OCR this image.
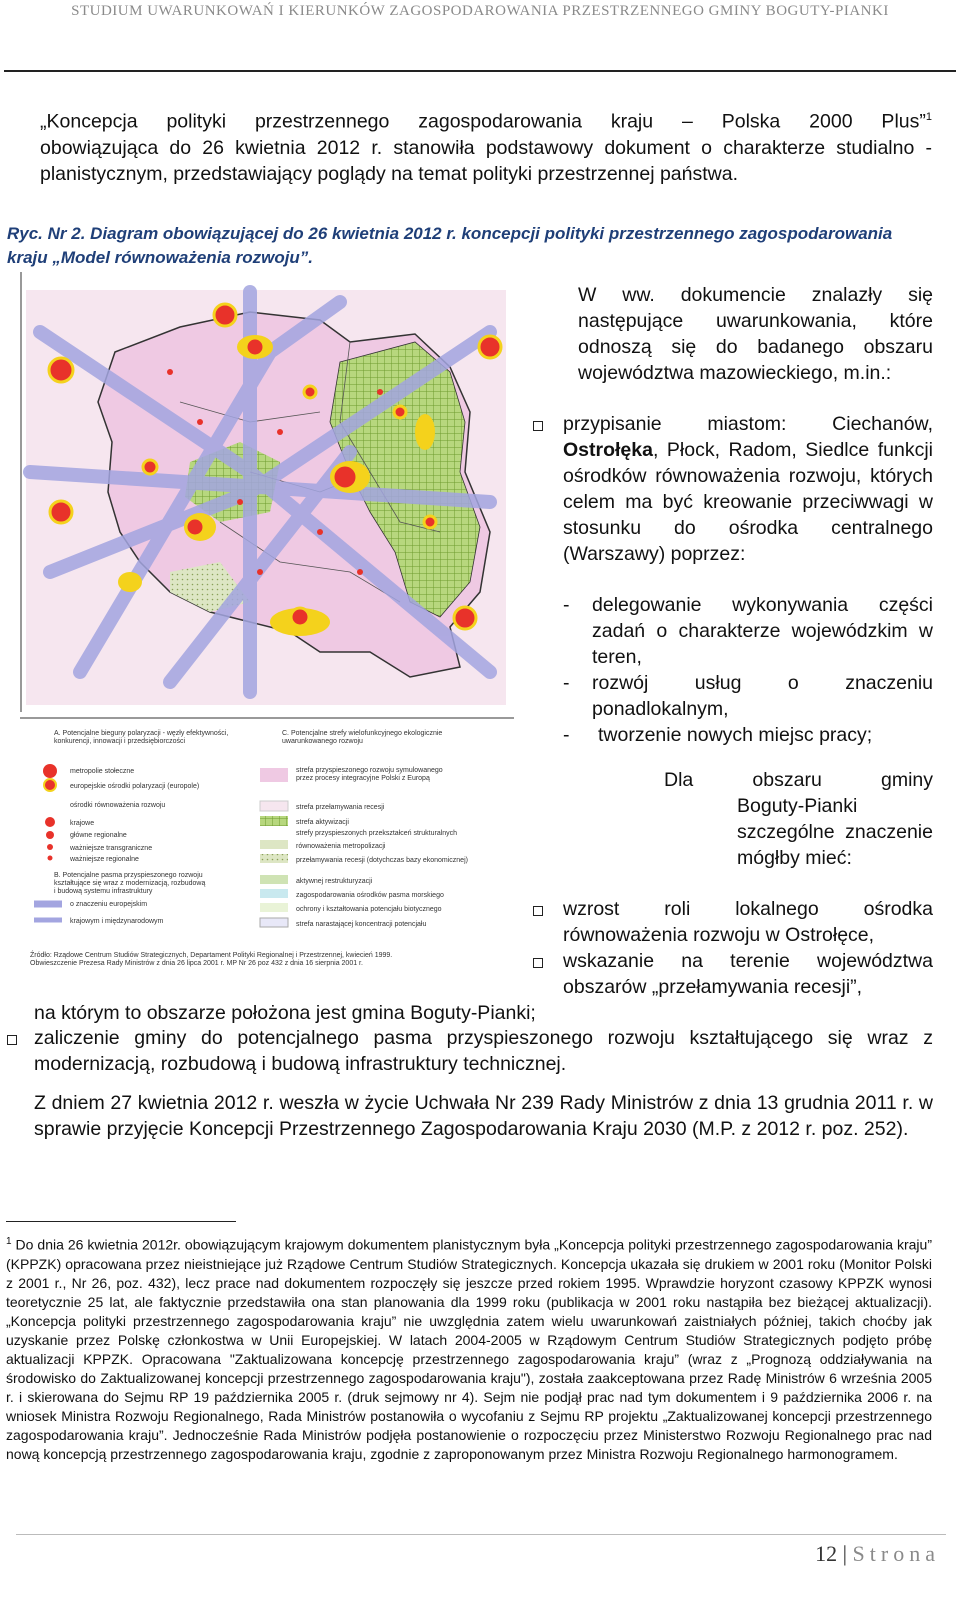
STUDIUM UWARUNKOWAŃ I KIERUNKÓW ZAGOSPODAROWANIA PRZESTRZENNEGO GMINY BOGUTY-PIANKI
„Koncepcja polityki przestrzennego zagospodarowania kraju – Polska 2000 Plus”$^1$
obowiązująca do 26 kwietnia 2012 r. stanowiła podstawowy dokument o charakterze studialno - planistycznym, przedstawiający poglądy na temat polityki przestrzennej państwa.
Ryc. Nr 2. Diagram obowiązującej do 26 kwietnia 2012 r. koncepcji polityki przestrzennego zagospodarowania kraju „Model równoważenia rozwoju”.
A. Potencjalne bieguny polaryzacji - węzły efektywności,
konkurencji, innowacji i przedsiębiorczości
metropolie stołeczne
europejskie ośrodki polaryzacji (europole)
ośrodki równoważenia rozwoju
krajowe
główne regionalne
ważniejsze transgraniczne
ważniejsze regionalne
B. Potencjalne pasma przyspieszonego rozwoju
kształtujące się wraz z modernizacją, rozbudową
i budową systemu infrastruktury
o znaczeniu europejskim
krajowym i międzynarodowym
C. Potencjalne strefy wielofunkcyjnego ekologicznie
uwarunkowanego rozwoju
strefa przyspieszonego rozwoju symulowanego
przez procesy integracyjne Polski z Europą
strefa przełamywania recesji
strefa aktywizacji
strefy przyspieszonych przekształceń strukturalnych
równoważenia metropolizacji
przełamywania recesji (dotychczas bazy ekonomicznej)
aktywnej restrukturyzacji
zagospodarowania ośrodków pasma morskiego
ochrony i kształtowania potencjału biotycznego
strefa narastającej koncentracji potencjału
Źródło: Rządowe Centrum Studiów Strategicznych, Departament Polityki Regionalnej i Przestrzennej, kwiecień 1999.
Obwieszczenie Prezesa Rady Ministrów z dnia 26 lipca 2001 r. MP Nr 26 poz 432 z dnia 16 sierpnia 2001 r.
W ww. dokumencie znalazły się następujące uwarunkowania, które odnoszą się do badanego obszaru województwa mazowieckiego, m.in.:
przypisanie miastom: Ciechanów, Ostrołęka, Płock, Radom, Siedlce funkcji ośrodków równoważenia rozwoju, których celem ma być kreowanie przeciwwagi w stosunku do ośrodka centralnego (Warszawy) poprzez:
-	delegowanie wykonywania części zadań o charakterze wojewódzkim w teren,
-	rozwój usług o znaczeniu ponadlokalnym,
-	tworzenie nowych miejsc pracy;
Dla obszaru gminy
Boguty-Pianki szczególne znaczenie mógłby mieć:
wzrost roli lokalnego ośrodka równoważenia rozwoju w Ostrołęce,
wskazanie na terenie województwa obszarów „przełamywania recesji”,
na którym to obszarze położona jest gmina Boguty-Pianki;
zaliczenie gminy do potencjalnego pasma przyspieszonego rozwoju kształtującego się wraz z modernizacją, rozbudową i budową infrastruktury technicznej.
Z dniem 27 kwietnia 2012 r. weszła w życie Uchwała Nr 239 Rady Ministrów z dnia 13 grudnia 2011 r. w sprawie przyjęcie Koncepcji Przestrzennego Zagospodarowania Kraju 2030 (M.P. z 2012 r. poz. 252).
$^1$ Do dnia 26 kwietnia 2012r. obowiązującym krajowym dokumentem planistycznym była „Koncepcja polityki przestrzennego zagospodarowania kraju” (KPPZK) opracowana przez nieistniejące już Rządowe Centrum Studiów Strategicznych. Koncepcja ukazała się drukiem w 2001 roku (Monitor Polski z 2001 r., Nr 26, poz. 432), lecz prace nad dokumentem rozpoczęły się jeszcze przed rokiem 1995. Wprawdzie horyzont czasowy KPPZK wynosi teoretycznie 25 lat, ale faktycznie przedstawiła ona stan planowania dla 1999 roku (publikacja w 2001 roku nastąpiła bez bieżącej aktualizacji). „Koncepcja polityki przestrzennego zagospodarowania kraju” nie uwzględnia zatem wielu uwarunkowań zaistniałych później, takich choćby jak uzyskanie przez Polskę członkostwa w Unii Europejskiej. W latach 2004-2005 w Rządowym Centrum Studiów Strategicznych podjęto próbę aktualizacji KPPZK. Opracowana "Zaktualizowana koncepcję przestrzennego zagospodarowania kraju” (wraz z „Prognozą oddziaływania na środowisko do Zaktualizowanej koncepcji przestrzennego zagospodarowania kraju"), została zaakceptowana przez Radę Ministrów 6 września 2005 r. i skierowana do Sejmu RP 19 października 2005 r. (druk sejmowy nr 4). Sejm nie podjął prac nad tym dokumentem i 9 października 2006 r. na wniosek Ministra Rozwoju Regionalnego, Rada Ministrów postanowiła o wycofaniu z Sejmu RP projektu „Zaktualizowanej koncepcji przestrzennego zagospodarowania kraju”. Jednocześnie Rada Ministrów podjęła postanowienie o rozpoczęciu przez Ministerstwo Rozwoju Regionalnego prac nad nową koncepcją przestrzennego zagospodarowania kraju, zgodnie z zaproponowanym przez Ministra Rozwoju Regionalnego harmonogramem.
12 | Strona
